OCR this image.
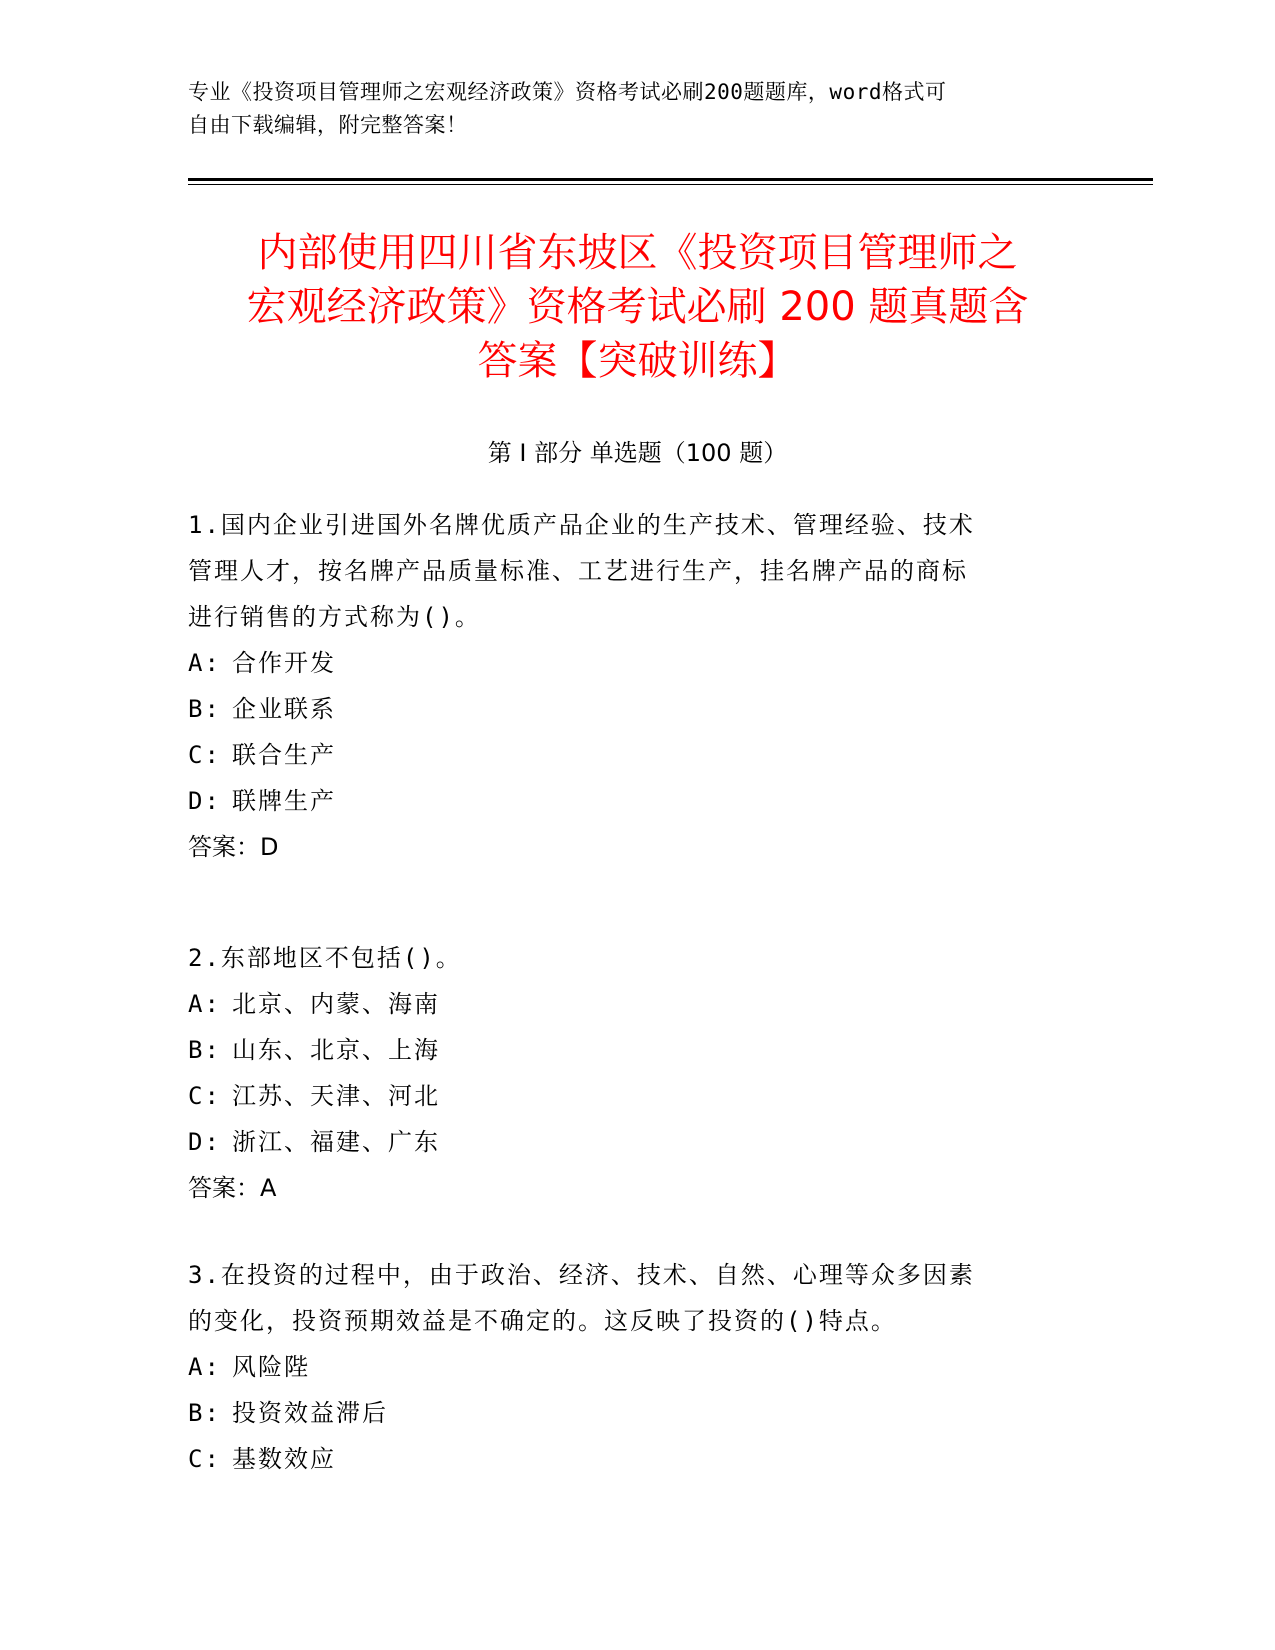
专业《投资项目管理师之宏观经济政策》资格考试必刷200题题库，word格式可
自由下载编辑，附完整答案！
内部使用四川省东坡区《投资项目管理师之
宏观经济政策》资格考试必刷 200 题真题含
答案【突破训练】
第 I 部分 单选题（100 题）
1.国内企业引进国外名牌优质产品企业的生产技术、管理经验、技术
管理人才，按名牌产品质量标准、工艺进行生产，挂名牌产品的商标
进行销售的方式称为()。
A: 合作开发
B: 企业联系
C: 联合生产
D: 联牌生产
答案：D
2.东部地区不包括()。
A: 北京、内蒙、海南
B: 山东、北京、上海
C: 江苏、天津、河北
D: 浙江、福建、广东
答案：A
3.在投资的过程中，由于政治、经济、技术、自然、心理等众多因素
的变化，投资预期效益是不确定的。这反映了投资的()特点。
A: 风险陛
B: 投资效益滞后
C: 基数效应
